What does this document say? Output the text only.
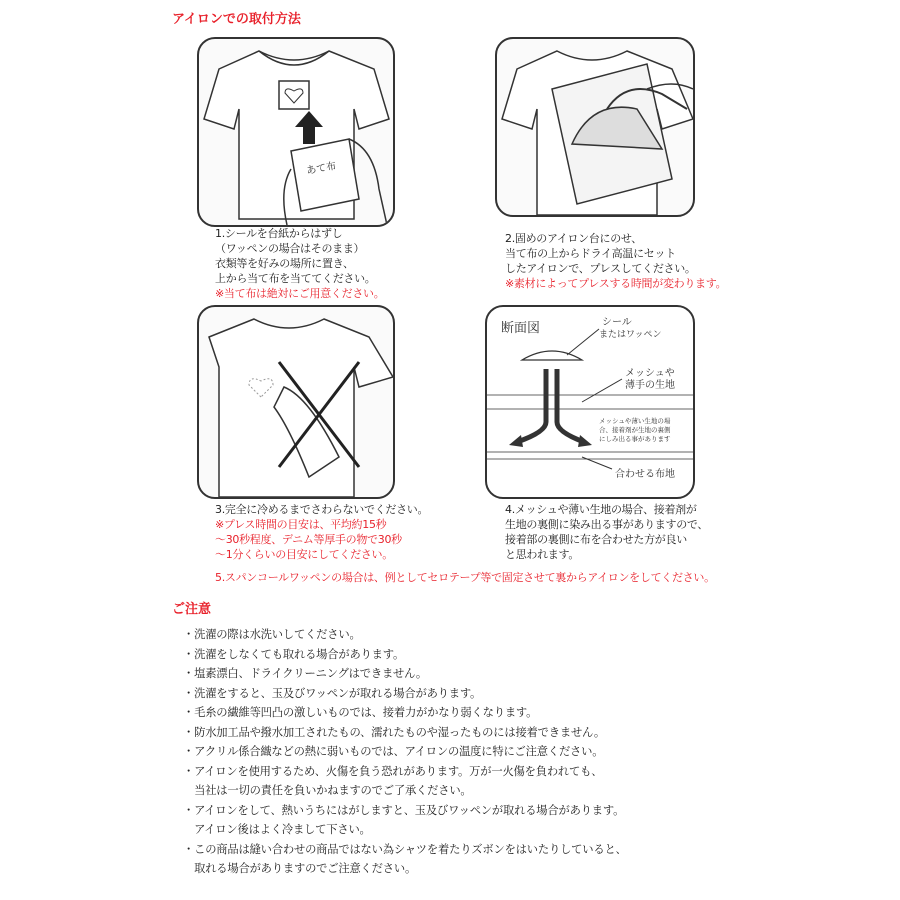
アイロンでの取付方法
あて布
1.シールを台紙からはずし
（ワッペンの場合はそのまま）
衣類等を好みの場所に置き、
上から当て布を当ててください。
※当て布は絶対にご用意ください。
2.固めのアイロン台にのせ、
当て布の上からドライ高温にセット
したアイロンで、プレスしてください。
※素材によってプレスする時間が変わります。
断面図	シール
またはワッペン
メッシュや
薄手の生地
メッシュや薄い生地の場
合、接着剤が生地の裏側
にしみ出る事があります
合わせる布地
3.完全に冷めるまでさわらないでください。
※プレス時間の目安は、平均約15秒
～30秒程度、デニム等厚手の物で30秒
～1分くらいの目安にしてください。
4.メッシュや薄い生地の場合、接着剤が
生地の裏側に染み出る事がありますので、
接着部の裏側に布を合わせた方が良い
と思われます。
5.スパンコールワッペンの場合は、例としてセロテープ等で固定させて裏からアイロンをしてください。
ご注意
・洗濯の際は水洗いしてください。
・洗濯をしなくても取れる場合があります。
・塩素漂白、ドライクリーニングはできません。
・洗濯をすると、玉及びワッペンが取れる場合があります。
・毛糸の繊維等凹凸の激しいものでは、接着力がかなり弱くなります。
・防水加工品や撥水加工されたもの、濡れたものや湿ったものには接着できません。
・アクリル係合織などの熱に弱いものでは、アイロンの温度に特にご注意ください。
・アイロンを使用するため、火傷を負う恐れがあります。万が一火傷を負われても、
　当社は一切の責任を負いかねますのでご了承ください。
・アイロンをして、熱いうちにはがしますと、玉及びワッペンが取れる場合があります。
　アイロン後はよく冷まして下さい。
・この商品は縫い合わせの商品ではない為シャツを着たりズボンをはいたりしていると、
　取れる場合がありますのでご注意ください。
